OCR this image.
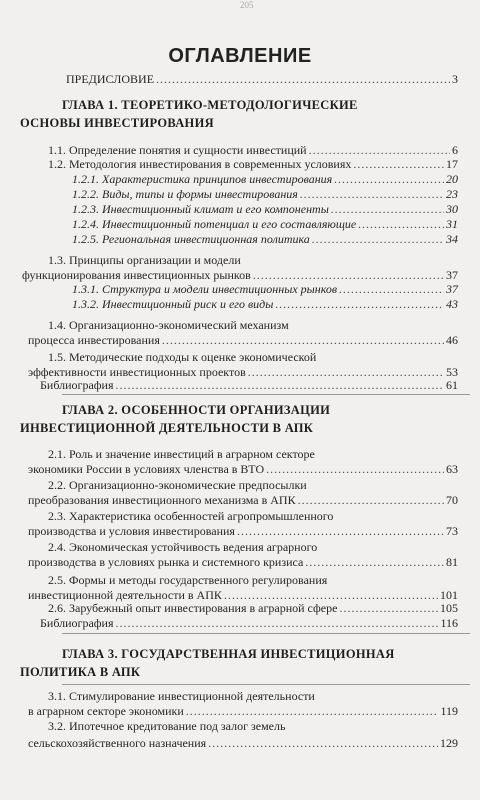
205
ОГЛАВЛЕНИЕ
ПРЕДИСЛОВИЕ .....	3
ГЛАВА 1. ТЕОРЕТИКО-МЕТОДОЛОГИЧЕСКИЕ
ОСНОВЫ ИНВЕСТИРОВАНИЯ
1.1. Определение понятия и сущности инвестиций .....	6
1.2. Методология инвестирования в современных условиях .....	17
1.2.1. Характеристика принципов инвестирования .....	20
1.2.2. Виды, типы и формы инвестирования .....	23
1.2.3. Инвестиционный климат и его компоненты .....	30
1.2.4. Инвестиционный потенциал и его составляющие .....	31
1.2.5. Региональная инвестиционная политика .....	34
1.3. Принципы организации и модели
функционирования инвестиционных рынков .....	37
1.3.1. Структура и модели инвестиционных рынков .....	37
1.3.2. Инвестиционный риск и его виды .....	43
1.4. Организационно-экономический механизм
процесса инвестирования .....	46
1.5. Методические подходы к оценке экономической
эффективности инвестиционных проектов .....	53
Библиография .....	61
ГЛАВА 2. ОСОБЕННОСТИ ОРГАНИЗАЦИИ
ИНВЕСТИЦИОННОЙ ДЕЯТЕЛЬНОСТИ В АПК
2.1. Роль и значение инвестиций в аграрном секторе
экономики России в условиях членства в ВТО .....	63
2.2. Организационно-экономические предпосылки
преобразования инвестиционного механизма в АПК .....	70
2.3. Характеристика особенностей агропромышленного
производства и условия инвестирования .....	73
2.4. Экономическая устойчивость ведения аграрного
производства в условиях рынка и системного кризиса .....	81
2.5. Формы и методы государственного регулирования
инвестиционной деятельности в АПК .....	101
2.6. Зарубежный опыт инвестирования в аграрной сфере .....	105
Библиография .....	116
ГЛАВА 3. ГОСУДАРСТВЕННАЯ ИНВЕСТИЦИОННАЯ
ПОЛИТИКА В АПК
3.1. Стимулирование инвестиционной деятельности
в аграрном секторе экономики .....	119
3.2. Ипотечное кредитование под залог земель
сельскохозяйственного назначения .....	129
